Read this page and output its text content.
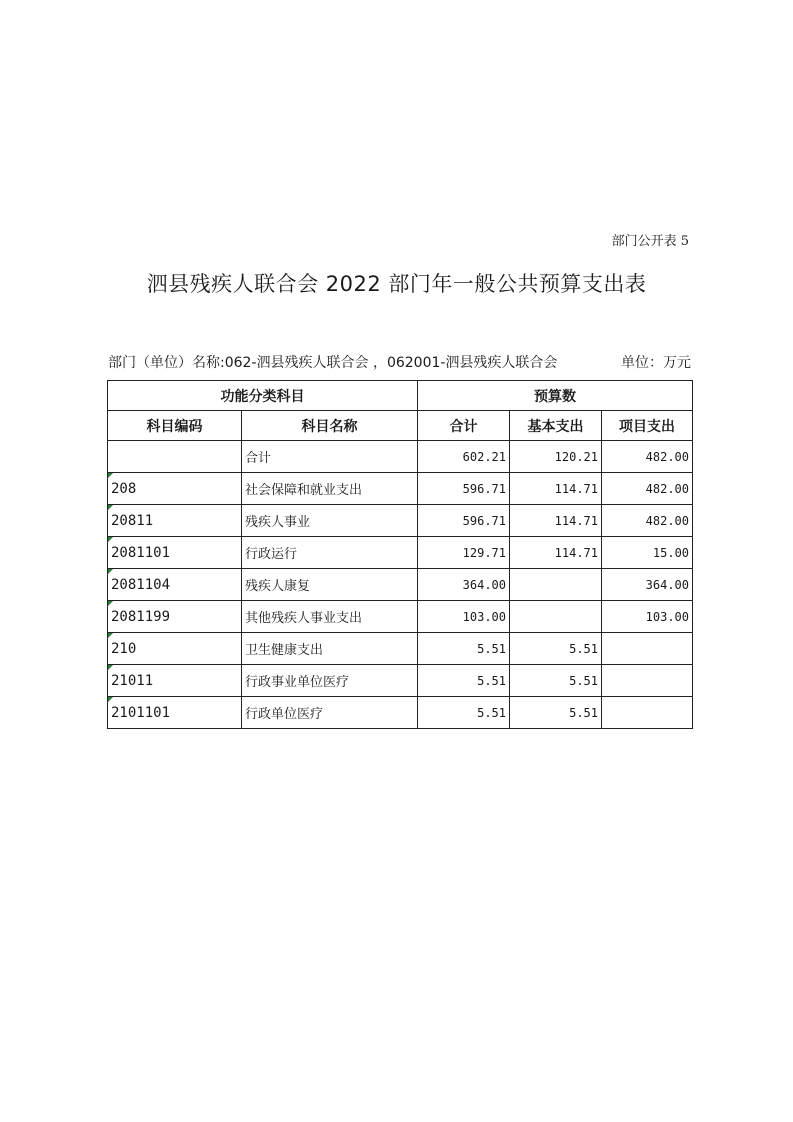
部门公开表 5
泗县残疾人联合会 2022 部门年一般公共预算支出表
部门（单位）名称:062-泗县残疾人联合会 ，062001-泗县残疾人联合会	单位：万元
功能分类科目		预算数		
科目编码	科目名称	合计	基本支出	项目支出
	合计	602.21	120.21	482.00

208	社会保障和就业支出	596.71	114.71	482.00

20811	残疾人事业	596.71	114.71	482.00

2081101	行政运行	129.71	114.71	15.00

2081104	残疾人康复	364.00		364.00

2081199	其他残疾人事业支出	103.00		103.00

210	卫生健康支出	5.51	5.51	

21011	行政事业单位医疗	5.51	5.51	

2101101	行政单位医疗	5.51	5.51	
